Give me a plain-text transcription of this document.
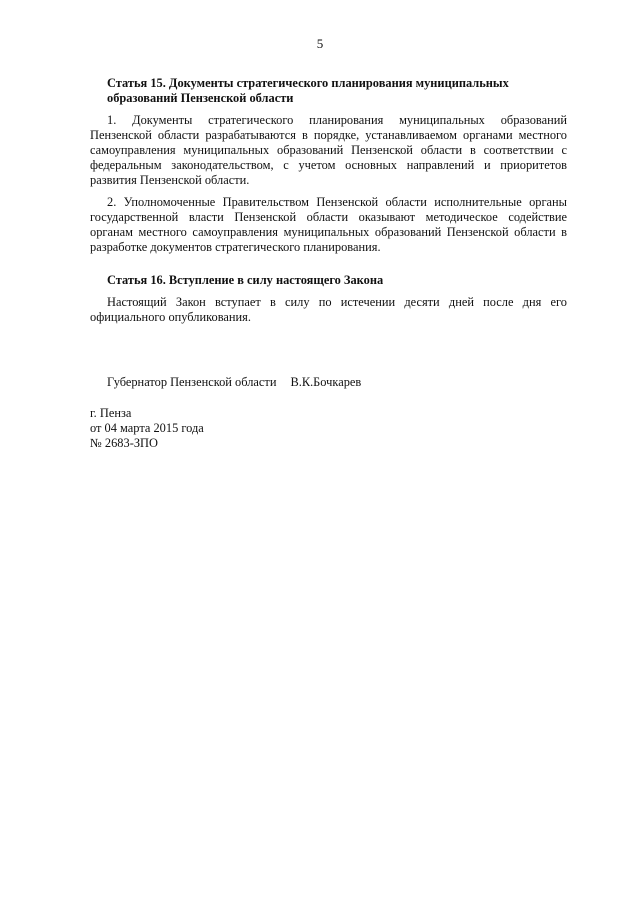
5
Статья 15. Документы стратегического планирования муниципальных
образований Пензенской области

1. Документы стратегического планирования муниципальных образований Пензенской области разрабатываются в порядке, устанавливаемом органами местного самоуправления муниципальных образований Пензенской области в соответствии с федеральным законодательством, с учетом основных направлений и приоритетов развития Пензенской области.

2. Уполномоченные Правительством Пензенской области исполнительные органы государственной власти Пензенской области оказывают методическое содействие органам местного самоуправления муниципальных образований Пензенской области в разработке документов стратегического планирования.

Статья 16. Вступление в силу настоящего Закона

Настоящий Закон вступает в силу по истечении десяти дней после дня его официального опубликования.

Губернатор Пензенской области В.К.Бочкарев

г. Пенза
от 04 марта 2015 года
№ 2683-ЗПО
